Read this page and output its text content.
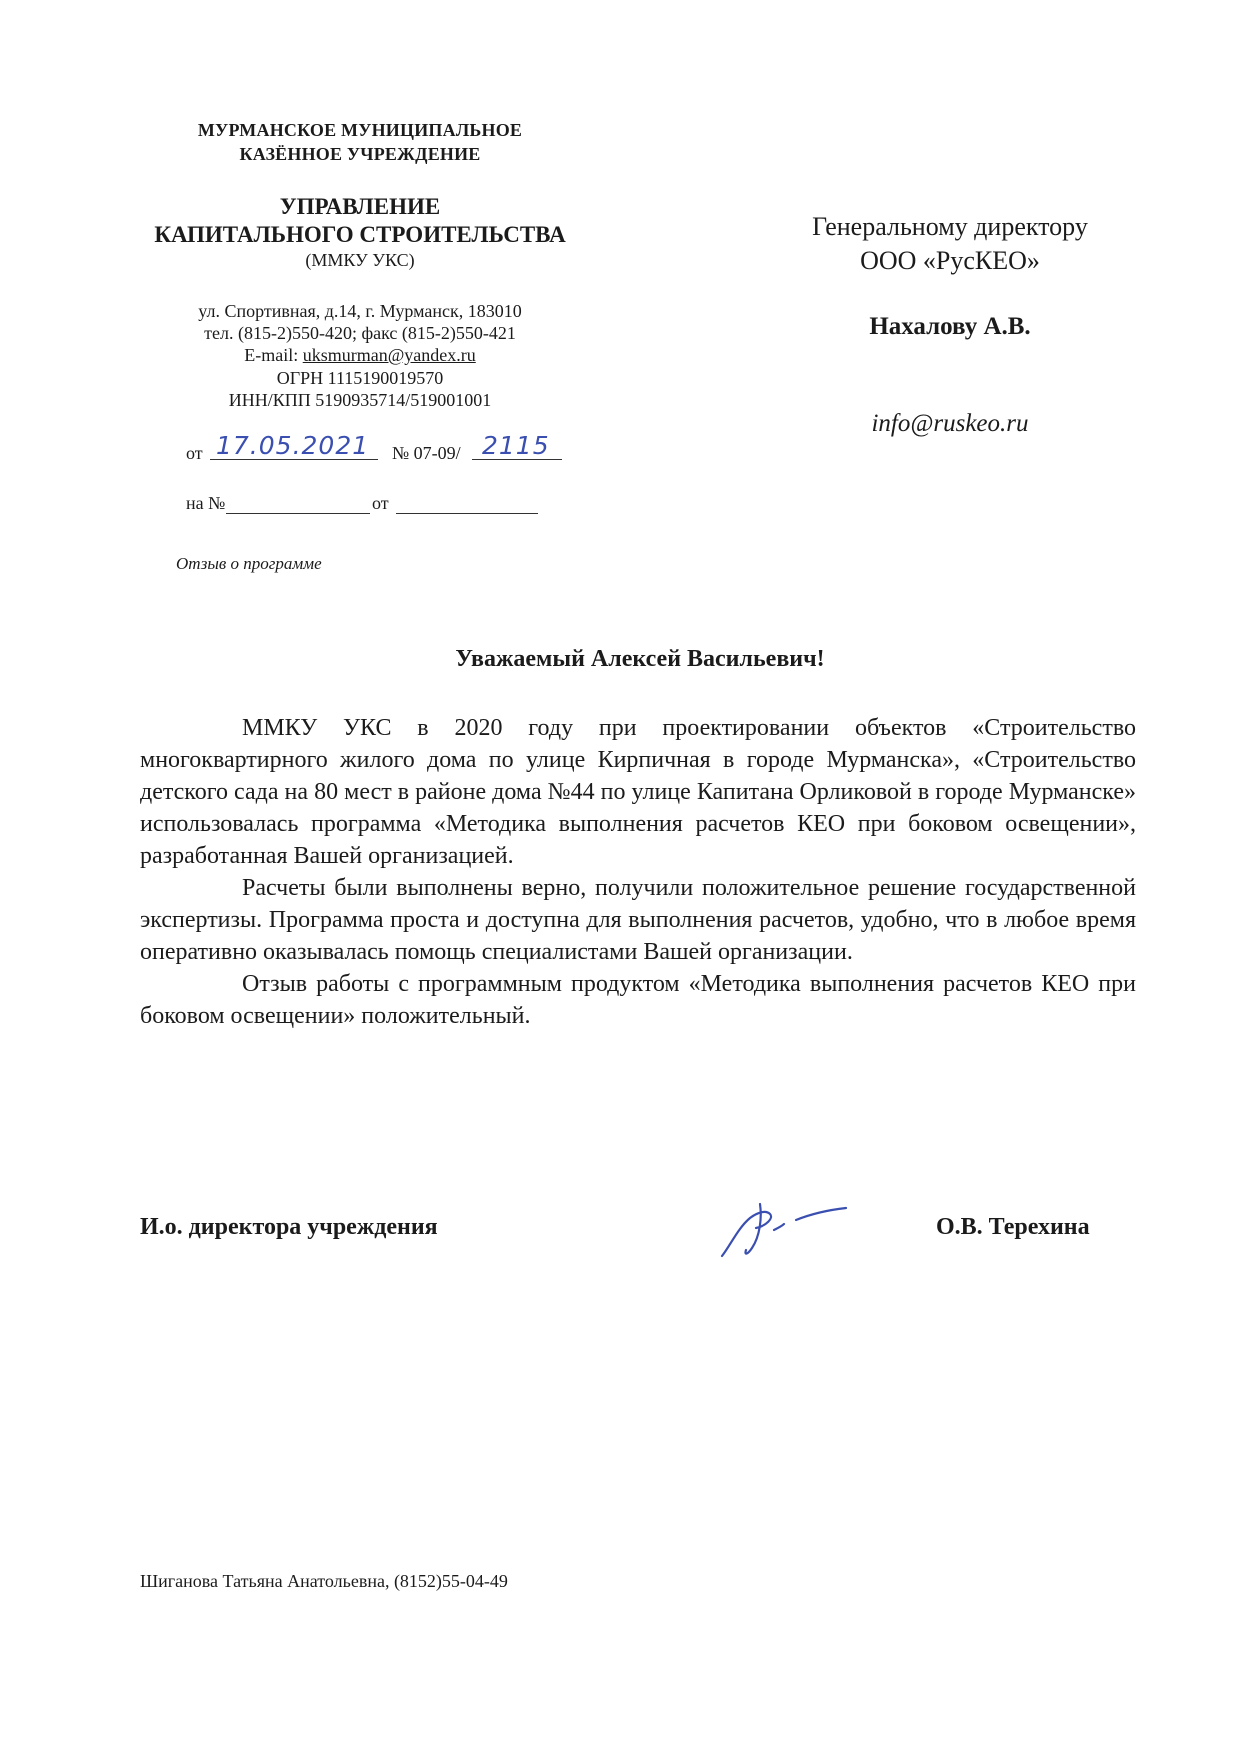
МУРМАНСКОЕ МУНИЦИПАЛЬНОЕ
КАЗЁННОЕ УЧРЕЖДЕНИЕ
УПРАВЛЕНИЕ
КАПИТАЛЬНОГО СТРОИТЕЛЬСТВА
(ММКУ УКС)
ул. Спортивная, д.14, г. Мурманск, 183010
тел. (815-2)550-420; факс (815-2)550-421
E-mail: uksmurman@yandex.ru
ОГРН 1115190019570
ИНН/КПП 5190935714/519001001
от 17.05.2021 № 07-09/ 2115
на №	от
Отзыв о программе
Генеральному директору
ООО «РусКЕО»
Нахалову А.В.
info@ruskeo.ru
Уважаемый Алексей Васильевич!

ММКУ УКС в 2020 году при проектировании объектов «Строительство многоквартирного жилого дома по улице Кирпичная в городе Мурманска», «Строительство детского сада на 80 мест в районе дома №44 по улице Капитана Орликовой в городе Мурманске» использовалась программа «Методика выполнения расчетов КЕО при боковом освещении», разработанная Вашей организацией.

Расчеты были выполнены верно, получили положительное решение государственной экспертизы. Программа проста и доступна для выполнения расчетов, удобно, что в любое время оперативно оказывалась помощь специалистами Вашей организации.

Отзыв работы с программным продуктом «Методика выполнения расчетов КЕО при боковом освещении» положительный.

И.о. директора учреждения	О.В. Терехина
Шиганова Татьяна Анатольевна, (8152)55-04-49
